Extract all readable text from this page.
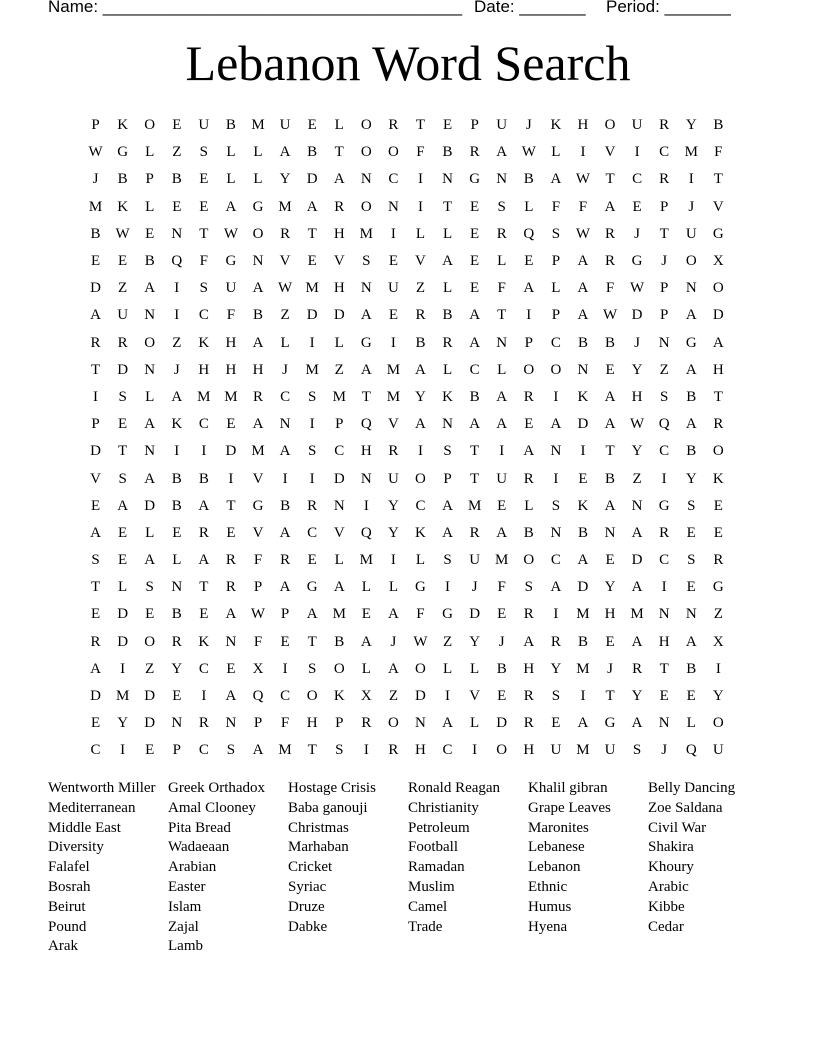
Name: ______________________________________ Date: _______ Period: _______
Lebanon Word Search
P	K	O	E	U	B	M U	E	L	O	R	T	E	P	U	J	K	H	O	U	R	Y	B
W G	L	Z	S	L	L	A	B	T	O	O	F	B	R	A W	L	I	V	I	C	M	F
J	B	P	B	E	L	L	Y	D	A	N	C	I	N	G	N	B	A W	T	C	R	I	T
M K	L	E	E	A	G M A	R	O	N	I	T	E	S	L	F	F	A	E	P	J	V
B W	E	N	T	W O	R	T	H M	I	L	L	E	R	Q	S	W R	J	T	U	G
E	E	B	Q	F	G	N	V	E	V	S	E	V	A	E	L	E	P	A	R	G	J	O	X
D	Z	A	I	S	U	A W M H	N	U	Z	L	E	F	A	L	A	F	W	P	N	O
A	U	N	I	C	F	B	Z	D	D	A	E	R	B	A	T	I	P	A W D	P	A	D
R	R	O	Z	K	H	A	L	I	L	G	I	B	R	A	N	P	C	B	B	J	N	G	A
T	D	N	J	H	H	H	J	M	Z	A M A	L	C	L	O	O	N	E	Y	Z	A	H
I	S	L	A M M	R	C	S	M	T	M Y	K	B	A	R	I	K	A	H	S	B	T
P	E	A	K	C	E	A	N	I	P	Q	V	A	N	A	A	E	A	D	A W Q	A	R
D	T	N	I	I	D M A	S	C	H	R	I	S	T	I	A	N	I	T	Y	C	B	O
V	S	A	B	B	I	V	I	I	D	N	U	O	P	T	U	R	I	E	B	Z	I	Y	K
E	A	D	B	A	T	G	B	R	N	I	Y	C	A M	E	L	S	K	A	N	G	S	E
A	E	L	E	R	E	V	A	C	V	Q	Y	K	A	R	A	B	N	B	N	A	R	E	E
S	E	A	L	A	R	F	R	E	L	M	I	L	S	U M O	C	A	E	D	C	S	R
T	L	S	N	T	R	P	A	G	A	L	L	G	I	J	F	S	A	D	Y	A	I	E	G
E	D	E	B	E	A W	P	A M	E	A	F	G	D	E	R	I	M H M N	N	Z
R	D	O	R	K	N	F	E	T	B	A	J	W	Z	Y	J	A	R	B	E	A	H	A	X
A	I	Z	Y	C	E	X	I	S	O	L	A	O	L	L	B	H	Y M	J	R	T	B	I
D M D	E	I	A	Q	C	O	K	X	Z	D	I	V	E	R	S	I	T	Y	E	E	Y
E	Y	D	N	R	N	P	F	H	P	R	O	N	A	L	D	R	E	A	G	A	N	L	O
C	I	E	P	C	S	A M	T	S	I	R	H	C	I	O	H	U M U	S	J	Q	U
Wentworth Miller
Mediterranean
Middle East
Diversity
Falafel
Bosrah
Beirut
Pound
Arak
Greek Orthadox
Amal Clooney
Pita Bread
Wadaeaan
Arabian
Easter
Islam
Zajal
Lamb
Hostage Crisis
Baba ganouji
Christmas
Marhaban
Cricket
Syriac
Druze
Dabke
Ronald Reagan
Christianity
Petroleum
Football
Ramadan
Muslim
Camel
Trade
Khalil gibran
Grape Leaves
Maronites
Lebanese
Lebanon
Ethnic
Humus
Hyena
Belly Dancing
Zoe Saldana
Civil War
Shakira
Khoury
Arabic
Kibbe
Cedar
